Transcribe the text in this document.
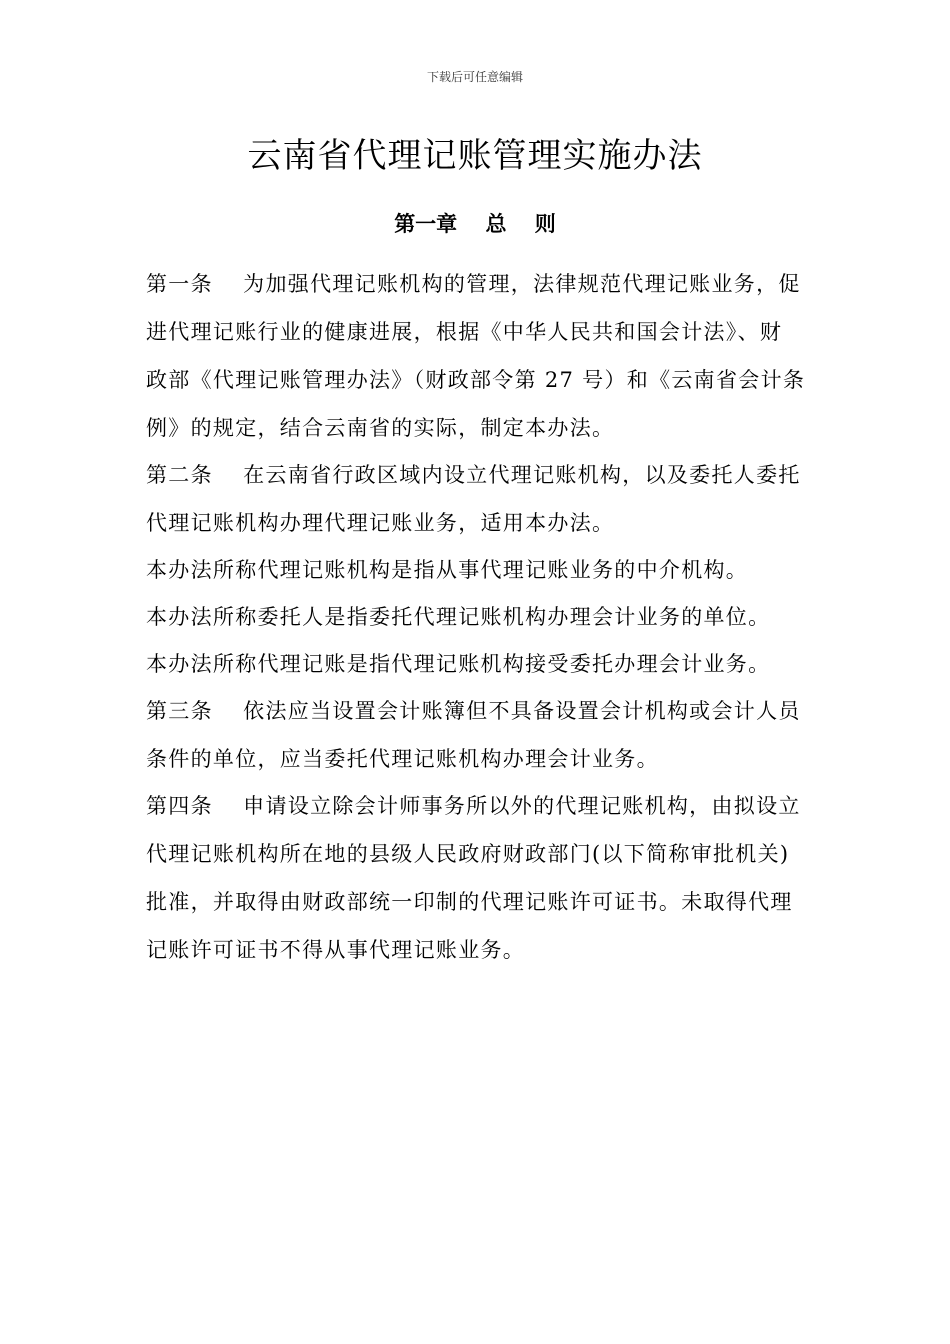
下载后可任意编辑
云南省代理记账管理实施办法
第一章　 总　 则
第一条　 为加强代理记账机构的管理，法律规范代理记账业务，促
进代理记账行业的健康进展，根据《中华人民共和国会计法》、财
政部《代理记账管理办法》（财政部令第 27 号）和《云南省会计条
例》的规定，结合云南省的实际，制定本办法。
第二条　 在云南省行政区域内设立代理记账机构，以及委托人委托
代理记账机构办理代理记账业务，适用本办法。
本办法所称代理记账机构是指从事代理记账业务的中介机构。
本办法所称委托人是指委托代理记账机构办理会计业务的单位。
本办法所称代理记账是指代理记账机构接受委托办理会计业务。
第三条　 依法应当设置会计账簿但不具备设置会计机构或会计人员
条件的单位，应当委托代理记账机构办理会计业务。
第四条　 申请设立除会计师事务所以外的代理记账机构，由拟设立
代理记账机构所在地的县级人民政府财政部门(以下简称审批机关)
批准，并取得由财政部统一印制的代理记账许可证书。未取得代理
记账许可证书不得从事代理记账业务。
